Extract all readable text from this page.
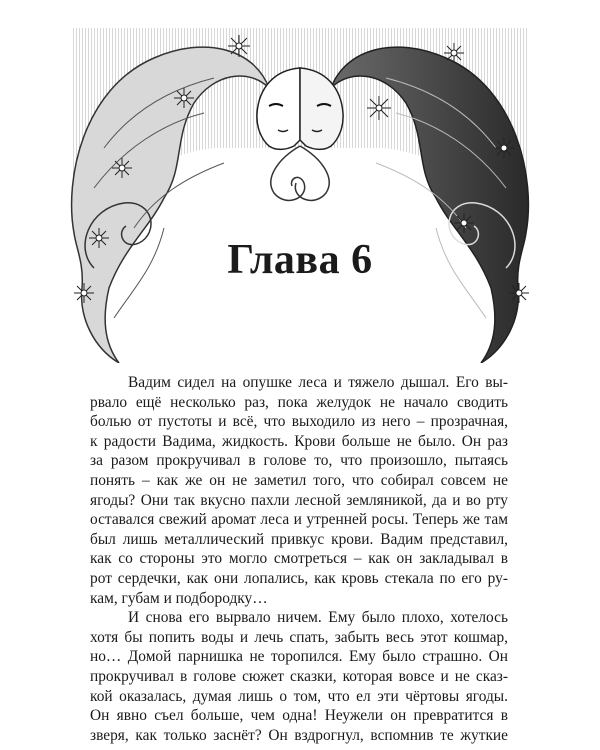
Глава 6
Вадим сидел на опушке леса и тяжело дышал. Его вы-
рвало ещё несколько раз, пока желудок не начало сводить
болью от пустоты и всё, что выходило из него – прозрачная,
к радости Вадима, жидкость. Крови больше не было. Он раз
за разом прокручивал в голове то, что произошло, пытаясь
понять – как же он не заметил того, что собирал совсем не
ягоды? Они так вкусно пахли лесной земляникой, да и во рту
оставался свежий аромат леса и утренней росы. Теперь же там
был лишь металлический привкус крови. Вадим представил,
как со стороны это могло смотреться – как он закладывал в
рот сердечки, как они лопались, как кровь стекала по его ру-
кам, губам и подбородку…
И снова его вырвало ничем. Ему было плохо, хотелось
хотя бы попить воды и лечь спать, забыть весь этот кошмар,
но… Домой парнишка не торопился. Ему было страшно. Он
прокручивал в голове сюжет сказки, которая вовсе и не сказ-
кой оказалась, думая лишь о том, что ел эти чёртовы ягоды.
Он явно съел больше, чем одна! Неужели он превратится в
зверя, как только заснёт? Он вздрогнул, вспомнив те жуткие
